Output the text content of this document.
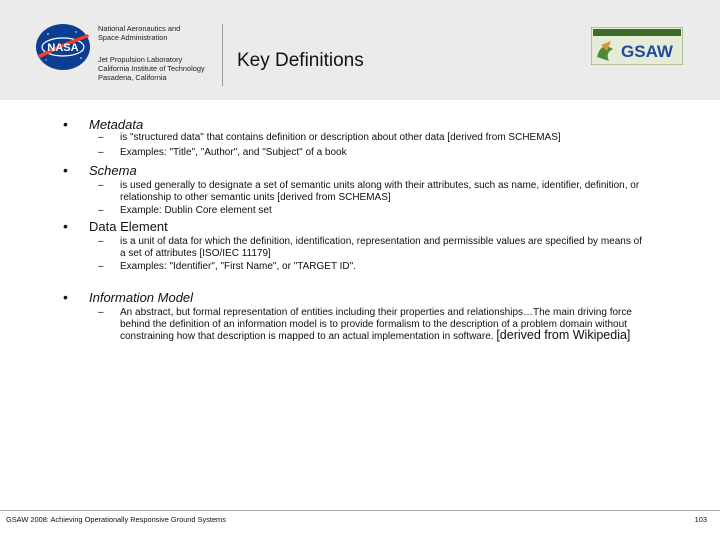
NASA
National Aeronautics and
Space Administration
Jet Propulsion Laboratory
California Institute of Technology
Pasadena, California
Key Definitions	GSAW
• Metadata
– is "structured data" that contains definition or description about other data [derived from SCHEMAS]
– Examples: "Title", "Author", and "Subject" of a book
• Schema
– is used generally to designate a set of semantic units along with their attributes, such as name, identifier, definition, or relationship to other semantic units [derived from SCHEMAS]
– Example: Dublin Core element set
• Data Element
– is a unit of data for which the definition, identification, representation and permissible values are specified by means of a set of attributes [ISO/IEC 11179]
– Examples: "Identifier", "First Name", or "TARGET ID".
• Information Model
– An abstract, but formal representation of entities including their properties and relationships…The main driving force behind the definition of an information model is to provide formalism to the description of a problem domain without constraining how that description is mapped to an actual implementation in software. [derived from Wikipedia]
GSAW 2008: Achieving Operationally Responsive Ground Systems	103
